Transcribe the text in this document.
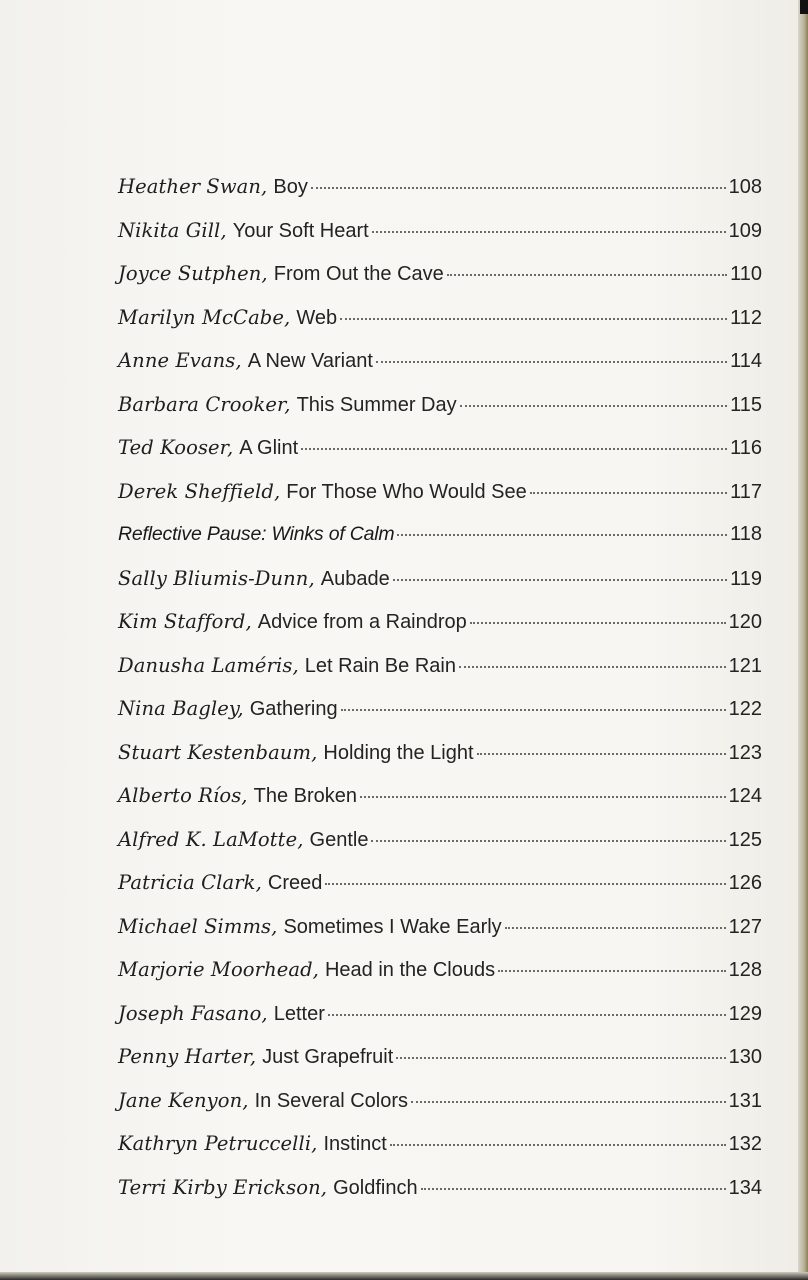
Heather Swan, Boy	108
Nikita Gill, Your Soft Heart	109
Joyce Sutphen, From Out the Cave	110
Marilyn McCabe, Web	112
Anne Evans, A New Variant	114
Barbara Crooker, This Summer Day	115
Ted Kooser, A Glint	116
Derek Sheffield, For Those Who Would See	117
Reflective Pause: Winks of Calm	118
Sally Bliumis-Dunn, Aubade	119
Kim Stafford, Advice from a Raindrop	120
Danusha Laméris, Let Rain Be Rain	121
Nina Bagley, Gathering	122
Stuart Kestenbaum, Holding the Light	123
Alberto Ríos, The Broken	124
Alfred K. LaMotte, Gentle	125
Patricia Clark, Creed	126
Michael Simms, Sometimes I Wake Early	127
Marjorie Moorhead, Head in the Clouds	128
Joseph Fasano, Letter	129
Penny Harter, Just Grapefruit	130
Jane Kenyon, In Several Colors	131
Kathryn Petruccelli, Instinct	132
Terri Kirby Erickson, Goldfinch	134
